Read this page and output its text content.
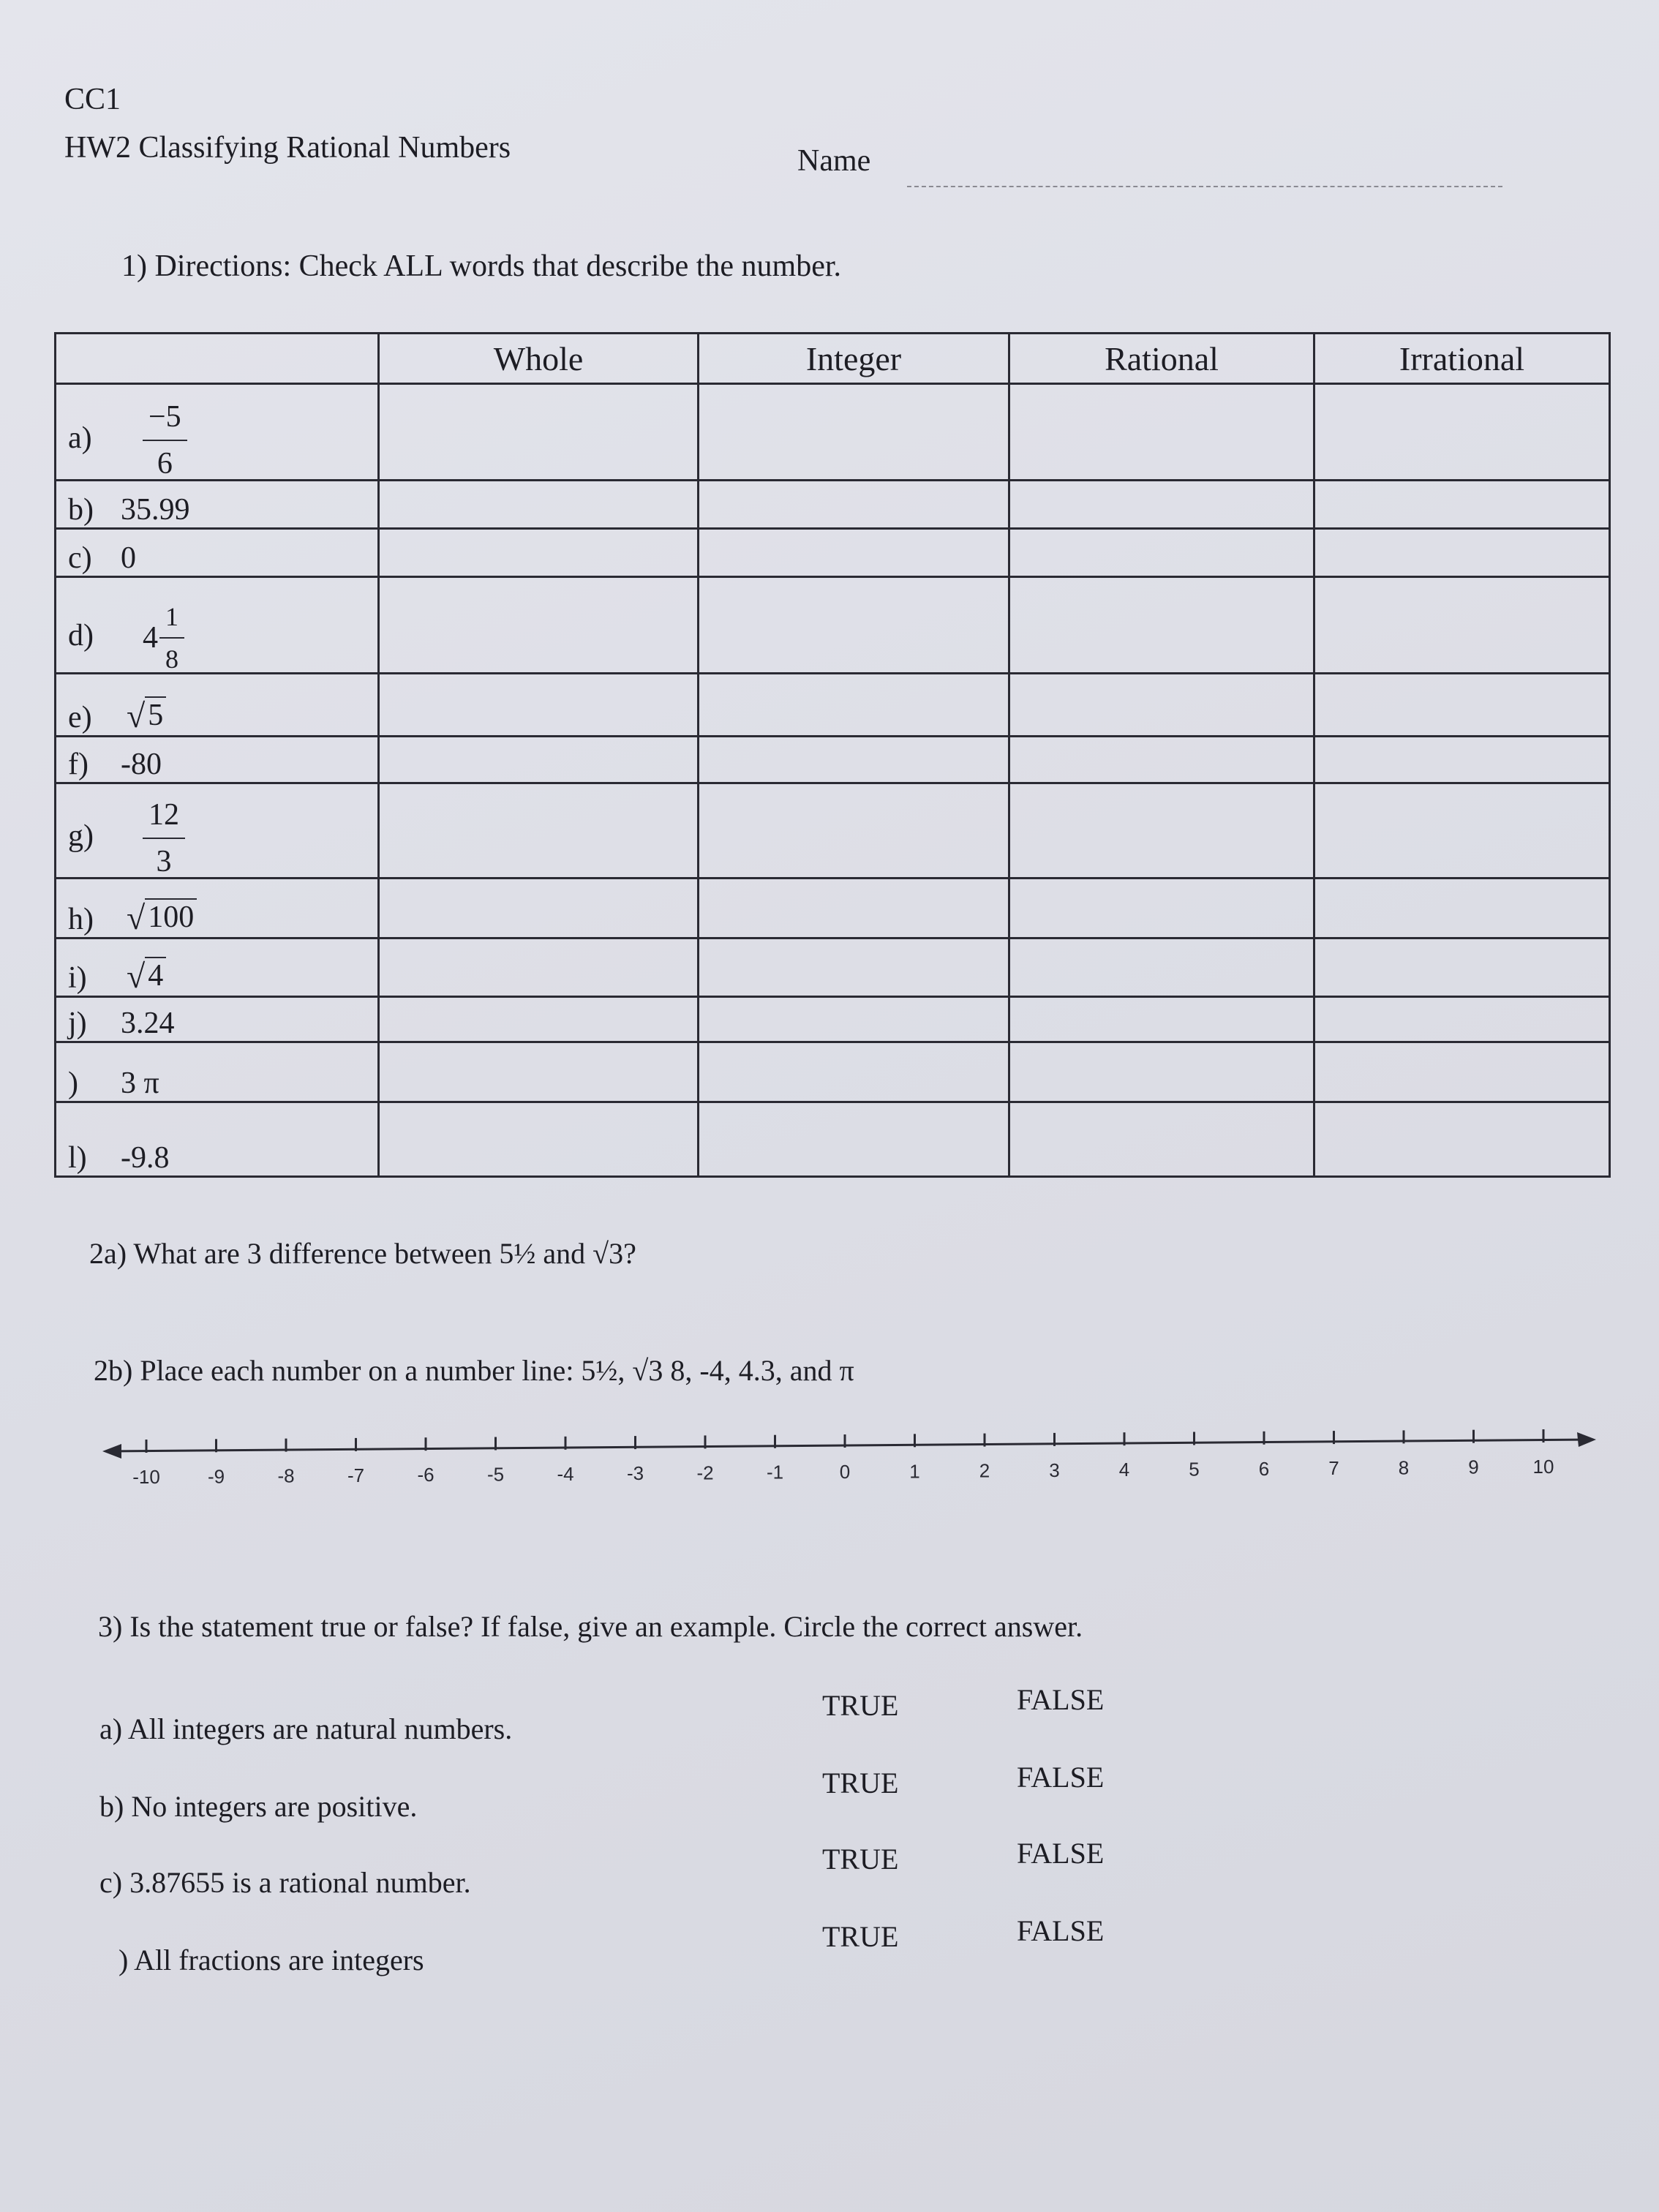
CC1
HW2 Classifying Rational Numbers	Name
1) Directions: Check ALL words that describe the number.
	Whole	Integer	Rational	Irrational
$a) \frac{-5}{6}$

b) 35.99				
c) 0				
d) $4 \frac{1}{8}$

e) √ 5				

f) -80				
$g) \frac{12}{3}$

h) √ 100				

i) √ 4				

j) 3.24				
) 3 π				
l) -9.8				
2a) What are 3 difference between 5½ and √3?
2b) Place each number on a number line: 5½, √3 8, -4, 4.3, and π
-10	-9	-8	-7	-6	-5	-4	-3	-2	-1	0	1	2	3	4	5	6	7	8	9	10
3) Is the statement true or false? If false, give an example. Circle the correct answer.
a) All integers are natural numbers.
TRUE	FALSE
b) No integers are positive.
TRUE	FALSE
c) 3.87655 is a rational number.
TRUE	FALSE
) All fractions are integers
TRUE	FALSE
